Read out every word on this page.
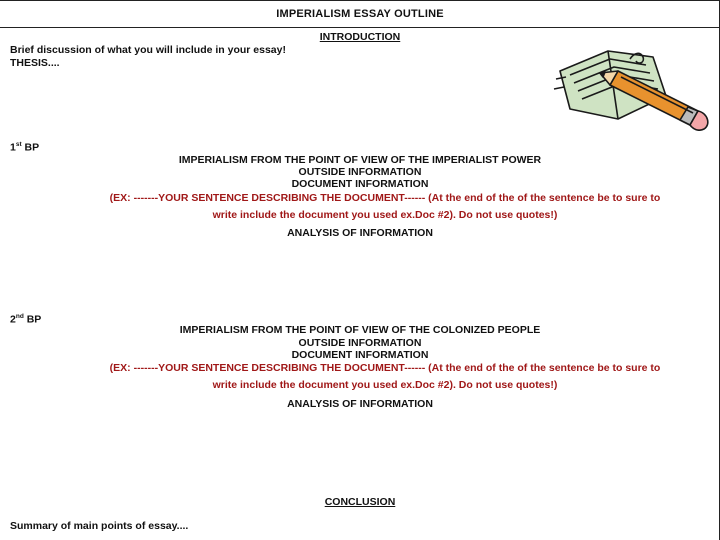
IMPERIALISM ESSAY OUTLINE
INTRODUCTION
Brief discussion of what you will include in your essay!
THESIS....
1st BP
IMPERIALISM FROM THE POINT OF VIEW OF THE IMPERIALIST POWER
OUTSIDE INFORMATION
DOCUMENT INFORMATION
(EX: -------YOUR SENTENCE DESCRIBING THE DOCUMENT------ (At the end of the of the sentence be to sure to
write include the document you used ex.Doc #2). Do not use quotes!)
ANALYSIS OF INFORMATION
2nd BP
IMPERIALISM FROM THE POINT OF VIEW OF THE COLONIZED PEOPLE
OUTSIDE INFORMATION
DOCUMENT INFORMATION
(EX: -------YOUR SENTENCE DESCRIBING THE DOCUMENT------ (At the end of the of the sentence be to sure to
write include the document you used ex.Doc #2). Do not use quotes!)
ANALYSIS OF INFORMATION
CONCLUSION
Summary of main points of essay....
